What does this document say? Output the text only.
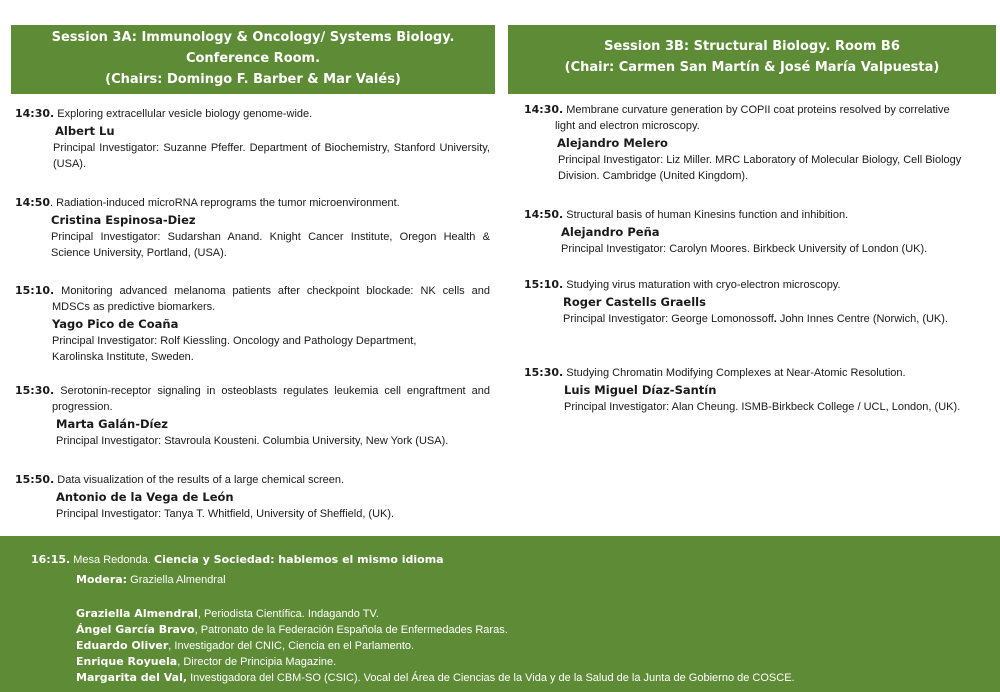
Session 3A: Immunology & Oncology/ Systems Biology.
Conference Room.
(Chairs: Domingo F. Barber & Mar Valés)
Session 3B: Structural Biology. Room B6
(Chair: Carmen San Martín & José María Valpuesta)
14:30. Exploring extracellular vesicle biology genome-wide.
Albert Lu
Principal Investigator: Suzanne Pfeffer. Department of Biochemistry, Stanford University, (USA).
14:50. Radiation-induced microRNA reprograms the tumor microenvironment.
Cristina Espinosa-Diez
Principal Investigator: Sudarshan Anand. Knight Cancer Institute, Oregon Health & Science University, Portland, (USA).
15:10. Monitoring advanced melanoma patients after checkpoint blockade: NK cells and MDSCs as predictive biomarkers.
Yago Pico de Coaña
Principal Investigator: Rolf Kiessling. Oncology and Pathology Department, Karolinska Institute, Sweden.
15:30. Serotonin-receptor signaling in osteoblasts regulates leukemia cell engraftment and progression.
Marta Galán-Díez
Principal Investigator: Stavroula Kousteni. Columbia University, New York (USA).
15:50. Data visualization of the results of a large chemical screen.
Antonio de la Vega de León
Principal Investigator: Tanya T. Whitfield, University of Sheffield, (UK).
14:30. Membrane curvature generation by COPII coat proteins resolved by correlative light and electron microscopy.
Alejandro Melero
Principal Investigator: Liz Miller. MRC Laboratory of Molecular Biology, Cell Biology Division. Cambridge (United Kingdom).
14:50. Structural basis of human Kinesins function and inhibition.
Alejandro Peña
Principal Investigator: Carolyn Moores. Birkbeck University of London (UK).
15:10. Studying virus maturation with cryo-electron microscopy.
Roger Castells Graells
Principal Investigator: George Lomonossoff. John Innes Centre (Norwich, (UK).
15:30. Studying Chromatin Modifying Complexes at Near-Atomic Resolution.
Luis Miguel Díaz-Santín
Principal Investigator: Alan Cheung. ISMB-Birkbeck College / UCL, London, (UK).
16:15. Mesa Redonda. Ciencia y Sociedad: hablemos el mismo idioma
Modera: Graziella Almendral
Graziella Almendral, Periodista Científica. Indagando TV.
Ángel García Bravo, Patronato de la Federación Española de Enfermedades Raras.
Eduardo Oliver, Investigador del CNIC, Ciencia en el Parlamento.
Enrique Royuela, Director de Principia Magazine.
Margarita del Val, Investigadora del CBM-SO (CSIC). Vocal del Área de Ciencias de la Vida y de la Salud de la Junta de Gobierno de COSCE.
